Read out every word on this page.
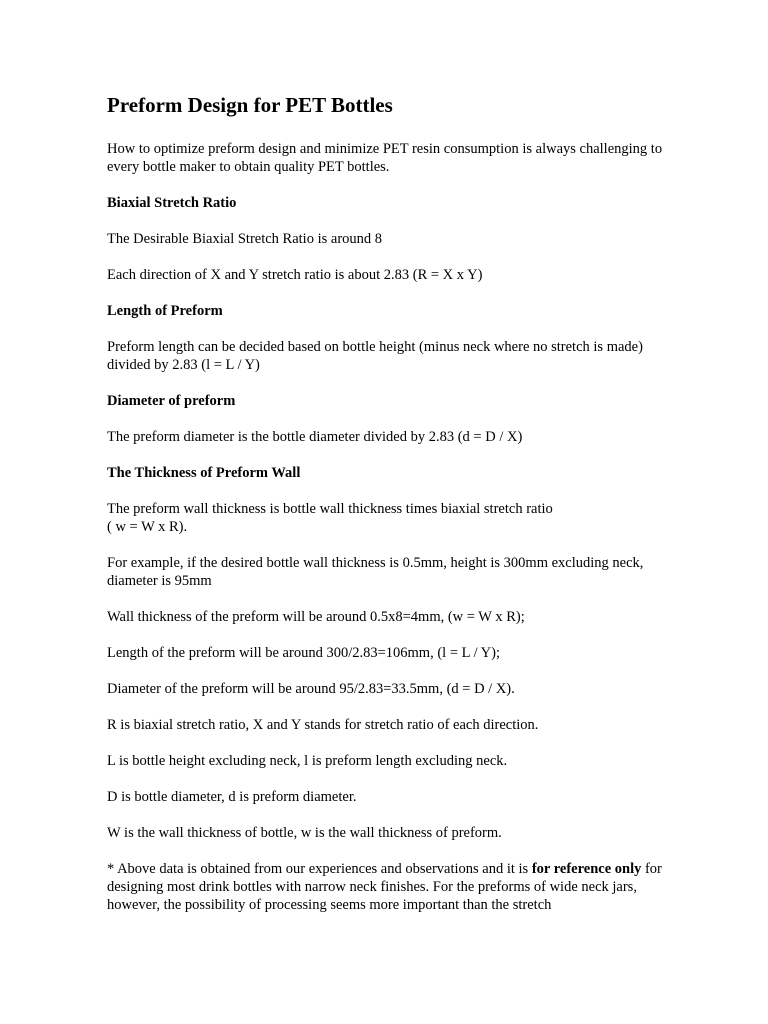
Preform Design for PET Bottles

How to optimize preform design and minimize PET resin consumption is always challenging to every bottle maker to obtain quality PET bottles.

Biaxial Stretch Ratio

The Desirable Biaxial Stretch Ratio is around 8

Each direction of X and Y stretch ratio is about 2.83 (R = X x Y)

Length of Preform

Preform length can be decided based on bottle height (minus neck where no stretch is made) divided by 2.83 (l = L / Y)

Diameter of preform

The preform diameter is the bottle diameter divided by 2.83 (d = D / X)

The Thickness of Preform Wall

The preform wall thickness is bottle wall thickness times biaxial stretch ratio
( w = W x R).

For example, if the desired bottle wall thickness is 0.5mm, height is 300mm excluding neck, diameter is 95mm

Wall thickness of the preform will be around 0.5x8=4mm, (w = W x R);

Length of the preform will be around 300/2.83=106mm, (l = L / Y);

Diameter of the preform will be around 95/2.83=33.5mm, (d = D / X).

R is biaxial stretch ratio, X and Y stands for stretch ratio of each direction.

L is bottle height excluding neck, l is preform length excluding neck.

D is bottle diameter, d is preform diameter.

W is the wall thickness of bottle, w is the wall thickness of preform.

* Above data is obtained from our experiences and observations and it is for reference only for designing most drink bottles with narrow neck finishes. For the preforms of wide neck jars, however, the possibility of processing seems more important than the stretch
